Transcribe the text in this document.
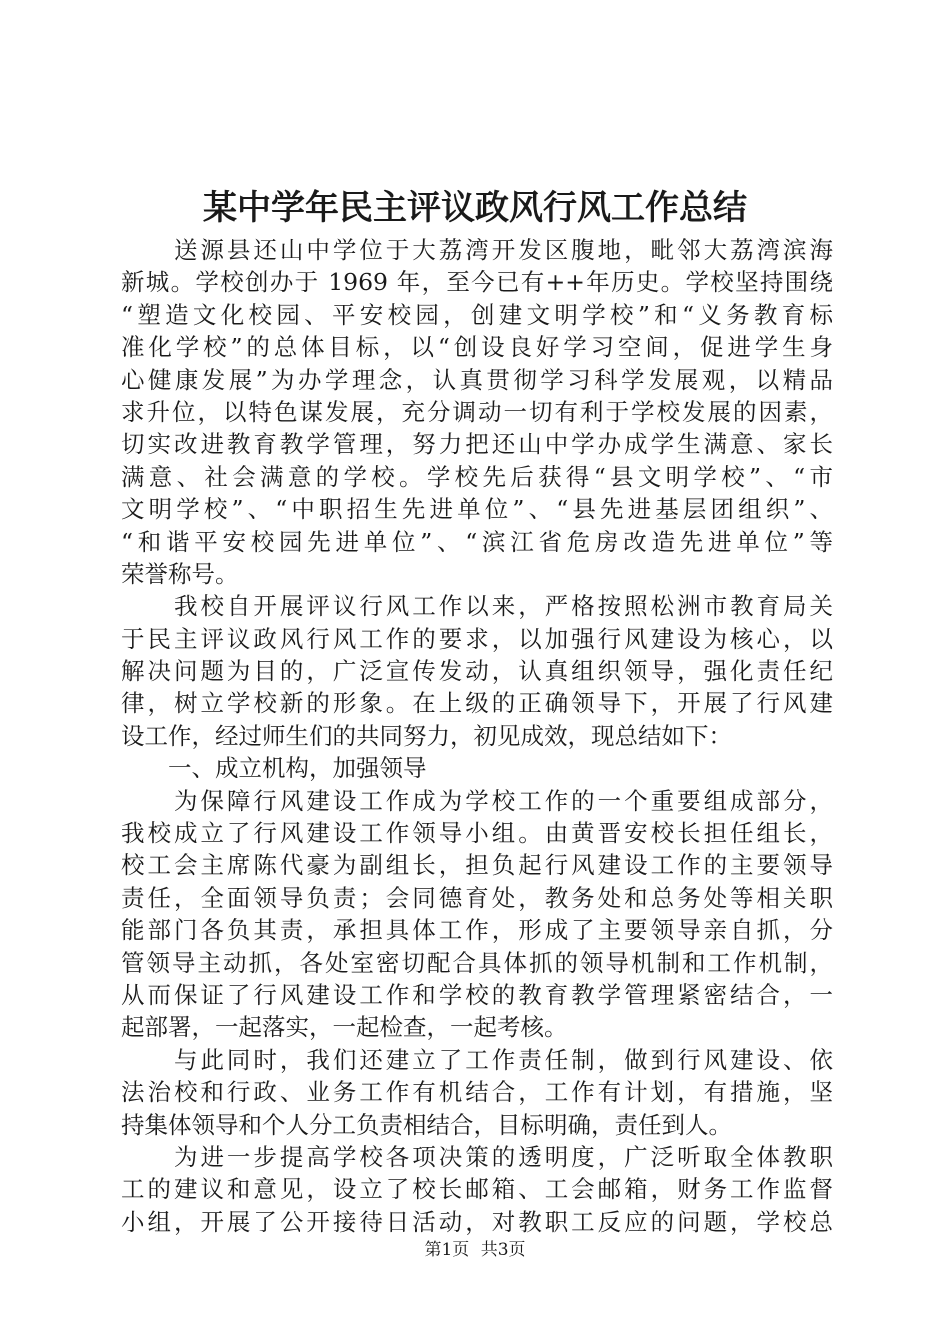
某中学年民主评议政风行风工作总结
　　送源县还山中学位于大荔湾开发区腹地，毗邻大荔湾滨海
新城。学校创办于 1969 年，至今已有++年历史。学校坚持围绕
“塑造文化校园、平安校园，创建文明学校”和“义务教育标
准化学校”的总体目标，以“创设良好学习空间，促进学生身
心健康发展”为办学理念，认真贯彻学习科学发展观，以精品
求升位，以特色谋发展，充分调动一切有利于学校发展的因素，
切实改进教育教学管理，努力把还山中学办成学生满意、家长
满意、社会满意的学校。学校先后获得“县文明学校”、“市
文明学校”、“中职招生先进单位”、“县先进基层团组织”、
“和谐平安校园先进单位”、“滨江省危房改造先进单位”等
荣誉称号。
　　我校自开展评议行风工作以来，严格按照松洲市教育局关
于民主评议政风行风工作的要求，以加强行风建设为核心，以
解决问题为目的，广泛宣传发动，认真组织领导，强化责任纪
律，树立学校新的形象。在上级的正确领导下，开展了行风建
设工作，经过师生们的共同努力，初见成效，现总结如下：
　　一、成立机构，加强领导
　　为保障行风建设工作成为学校工作的一个重要组成部分，
我校成立了行风建设工作领导小组。由黄晋安校长担任组长，
校工会主席陈代豪为副组长，担负起行风建设工作的主要领导
责任，全面领导负责；会同德育处，教务处和总务处等相关职
能部门各负其责，承担具体工作，形成了主要领导亲自抓，分
管领导主动抓，各处室密切配合具体抓的领导机制和工作机制，
从而保证了行风建设工作和学校的教育教学管理紧密结合，一
起部署，一起落实，一起检查，一起考核。
　　与此同时，我们还建立了工作责任制，做到行风建设、依
法治校和行政、业务工作有机结合，工作有计划，有措施，坚
持集体领导和个人分工负责相结合，目标明确，责任到人。
　　为进一步提高学校各项决策的透明度，广泛听取全体教职
工的建议和意见，设立了校长邮箱、工会邮箱，财务工作监督
小组，开展了公开接待日活动，对教职工反应的问题，学校总
第1页 共3页
